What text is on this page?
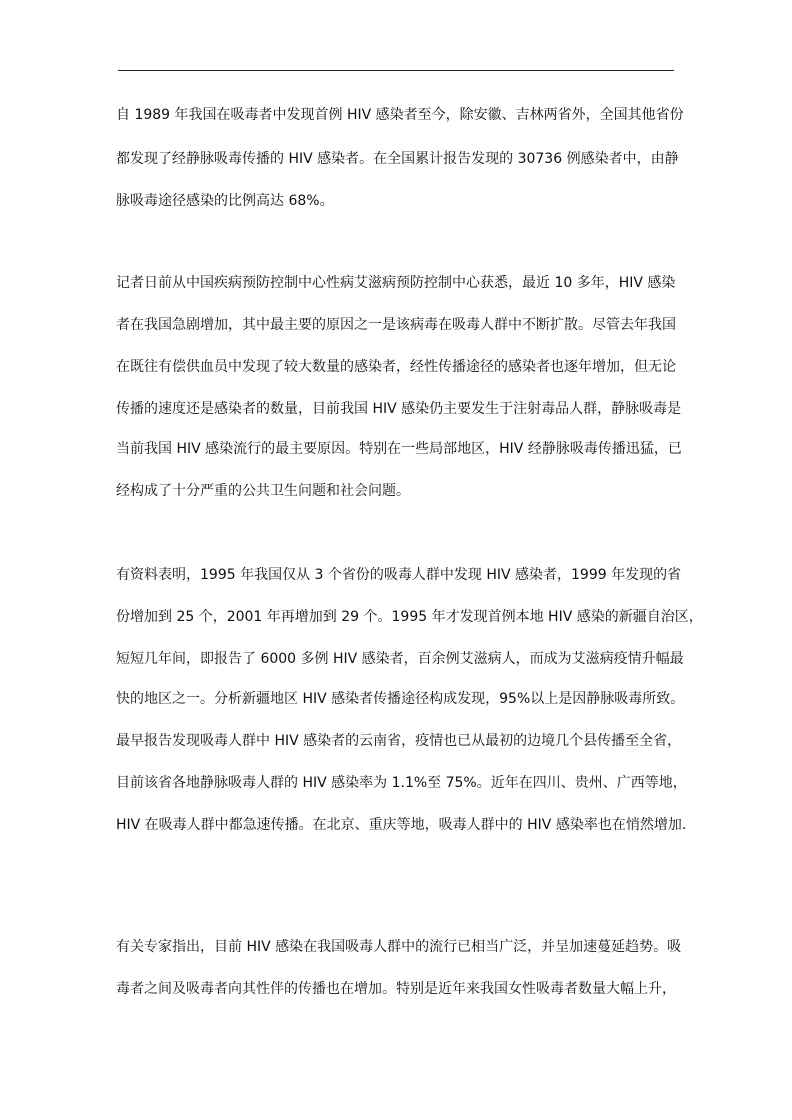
自 1989 年我国在吸毒者中发现首例 HIV 感染者至今，除安徽、吉林两省外，全国其他省份
都发现了经静脉吸毒传播的 HIV 感染者。在全国累计报告发现的 30736 例感染者中，由静
脉吸毒途径感染的比例高达 68%。
记者日前从中国疾病预防控制中心性病艾滋病预防控制中心获悉，最近 10 多年，HIV 感染
者在我国急剧增加，其中最主要的原因之一是该病毒在吸毒人群中不断扩散。尽管去年我国
在既往有偿供血员中发现了较大数量的感染者，经性传播途径的感染者也逐年增加，但无论
传播的速度还是感染者的数量，目前我国 HIV 感染仍主要发生于注射毒品人群，静脉吸毒是
当前我国 HIV 感染流行的最主要原因。特别在一些局部地区，HIV 经静脉吸毒传播迅猛，已
经构成了十分严重的公共卫生问题和社会问题。
有资料表明，1995 年我国仅从 3 个省份的吸毒人群中发现 HIV 感染者，1999 年发现的省
份增加到 25 个，2001 年再增加到 29 个。1995 年才发现首例本地 HIV 感染的新疆自治区，
短短几年间，即报告了 6000 多例 HIV 感染者，百余例艾滋病人，而成为艾滋病疫情升幅最
快的地区之一。分析新疆地区 HIV 感染者传播途径构成发现，95%以上是因静脉吸毒所致。
最早报告发现吸毒人群中 HIV 感染者的云南省，疫情也已从最初的边境几个县传播至全省，
目前该省各地静脉吸毒人群的 HIV 感染率为 1.1%至 75%。近年在四川、贵州、广西等地，
HIV 在吸毒人群中都急速传播。在北京、重庆等地，吸毒人群中的 HIV 感染率也在悄然增加.
有关专家指出，目前 HIV 感染在我国吸毒人群中的流行已相当广泛，并呈加速蔓延趋势。吸
毒者之间及吸毒者向其性伴的传播也在增加。特别是近年来我国女性吸毒者数量大幅上升，
